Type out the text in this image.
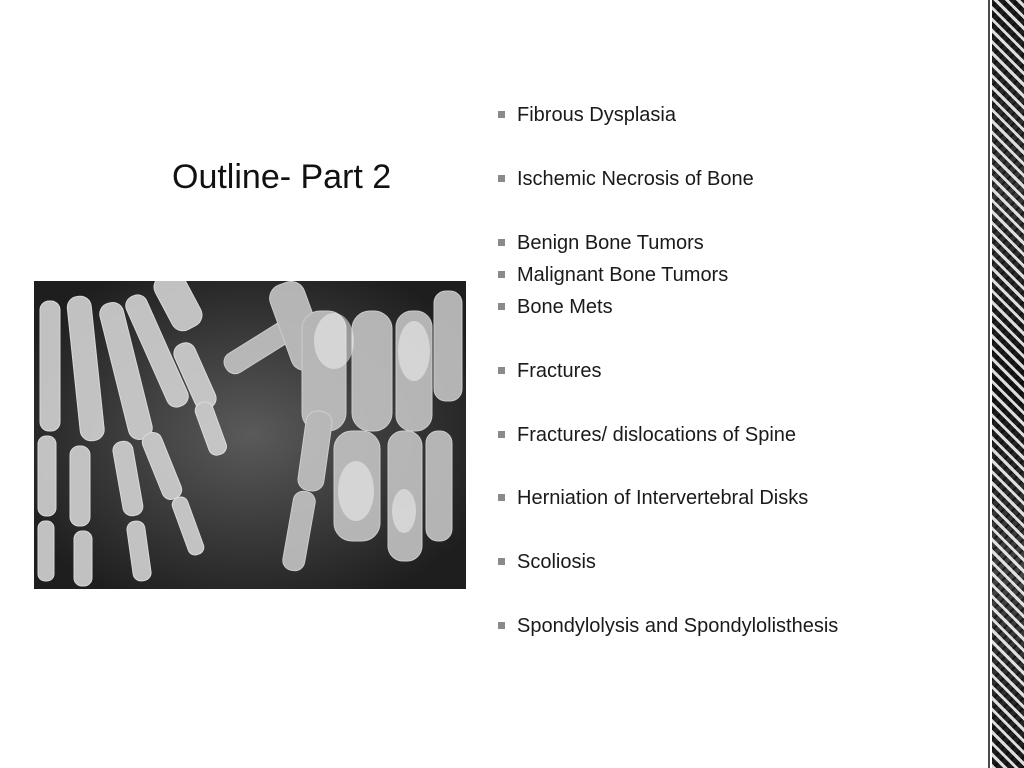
Outline- Part 2
Fibrous Dysplasia
Ischemic Necrosis of Bone
Benign Bone Tumors
Malignant Bone Tumors
Bone Mets
Fractures
Fractures/ dislocations of Spine
Herniation of Intervertebral Disks
Scoliosis
Spondylolysis and Spondylolisthesis
